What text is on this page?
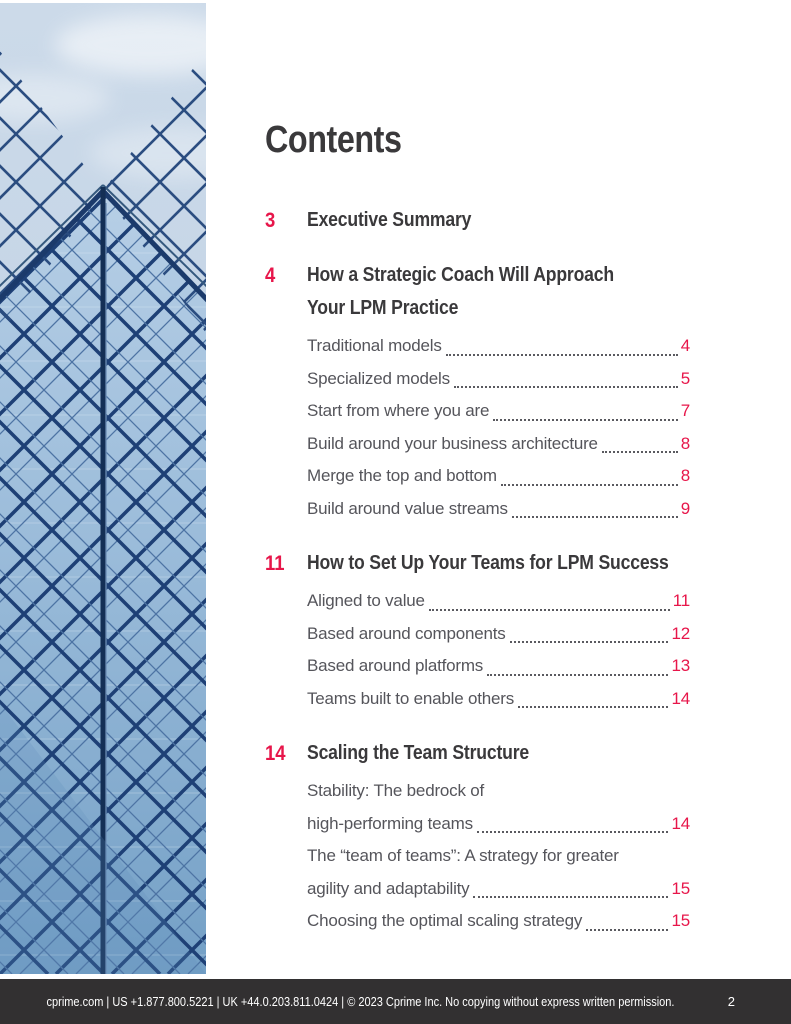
Contents
3	Executive Summary
4	How a Strategic Coach Will Approach
Your LPM Practice
Traditional models	4
Specialized models	5
Start from where you are	7
Build around your business architecture	8
Merge the top and bottom	8
Build around value streams	9
11	How to Set Up Your Teams for LPM Success
Aligned to value	11
Based around components	12
Based around platforms	13
Teams built to enable others	14
14	Scaling the Team Structure
Stability: The bedrock of
high-performing teams	14
The “team of teams”: A strategy for greater
agility and adaptability	15
Choosing the optimal scaling strategy	15
cprime.com | US +1.877.800.5221 | UK +44.0.203.811.0424 | © 2023 Cprime Inc. No copying without express written permission.	2
